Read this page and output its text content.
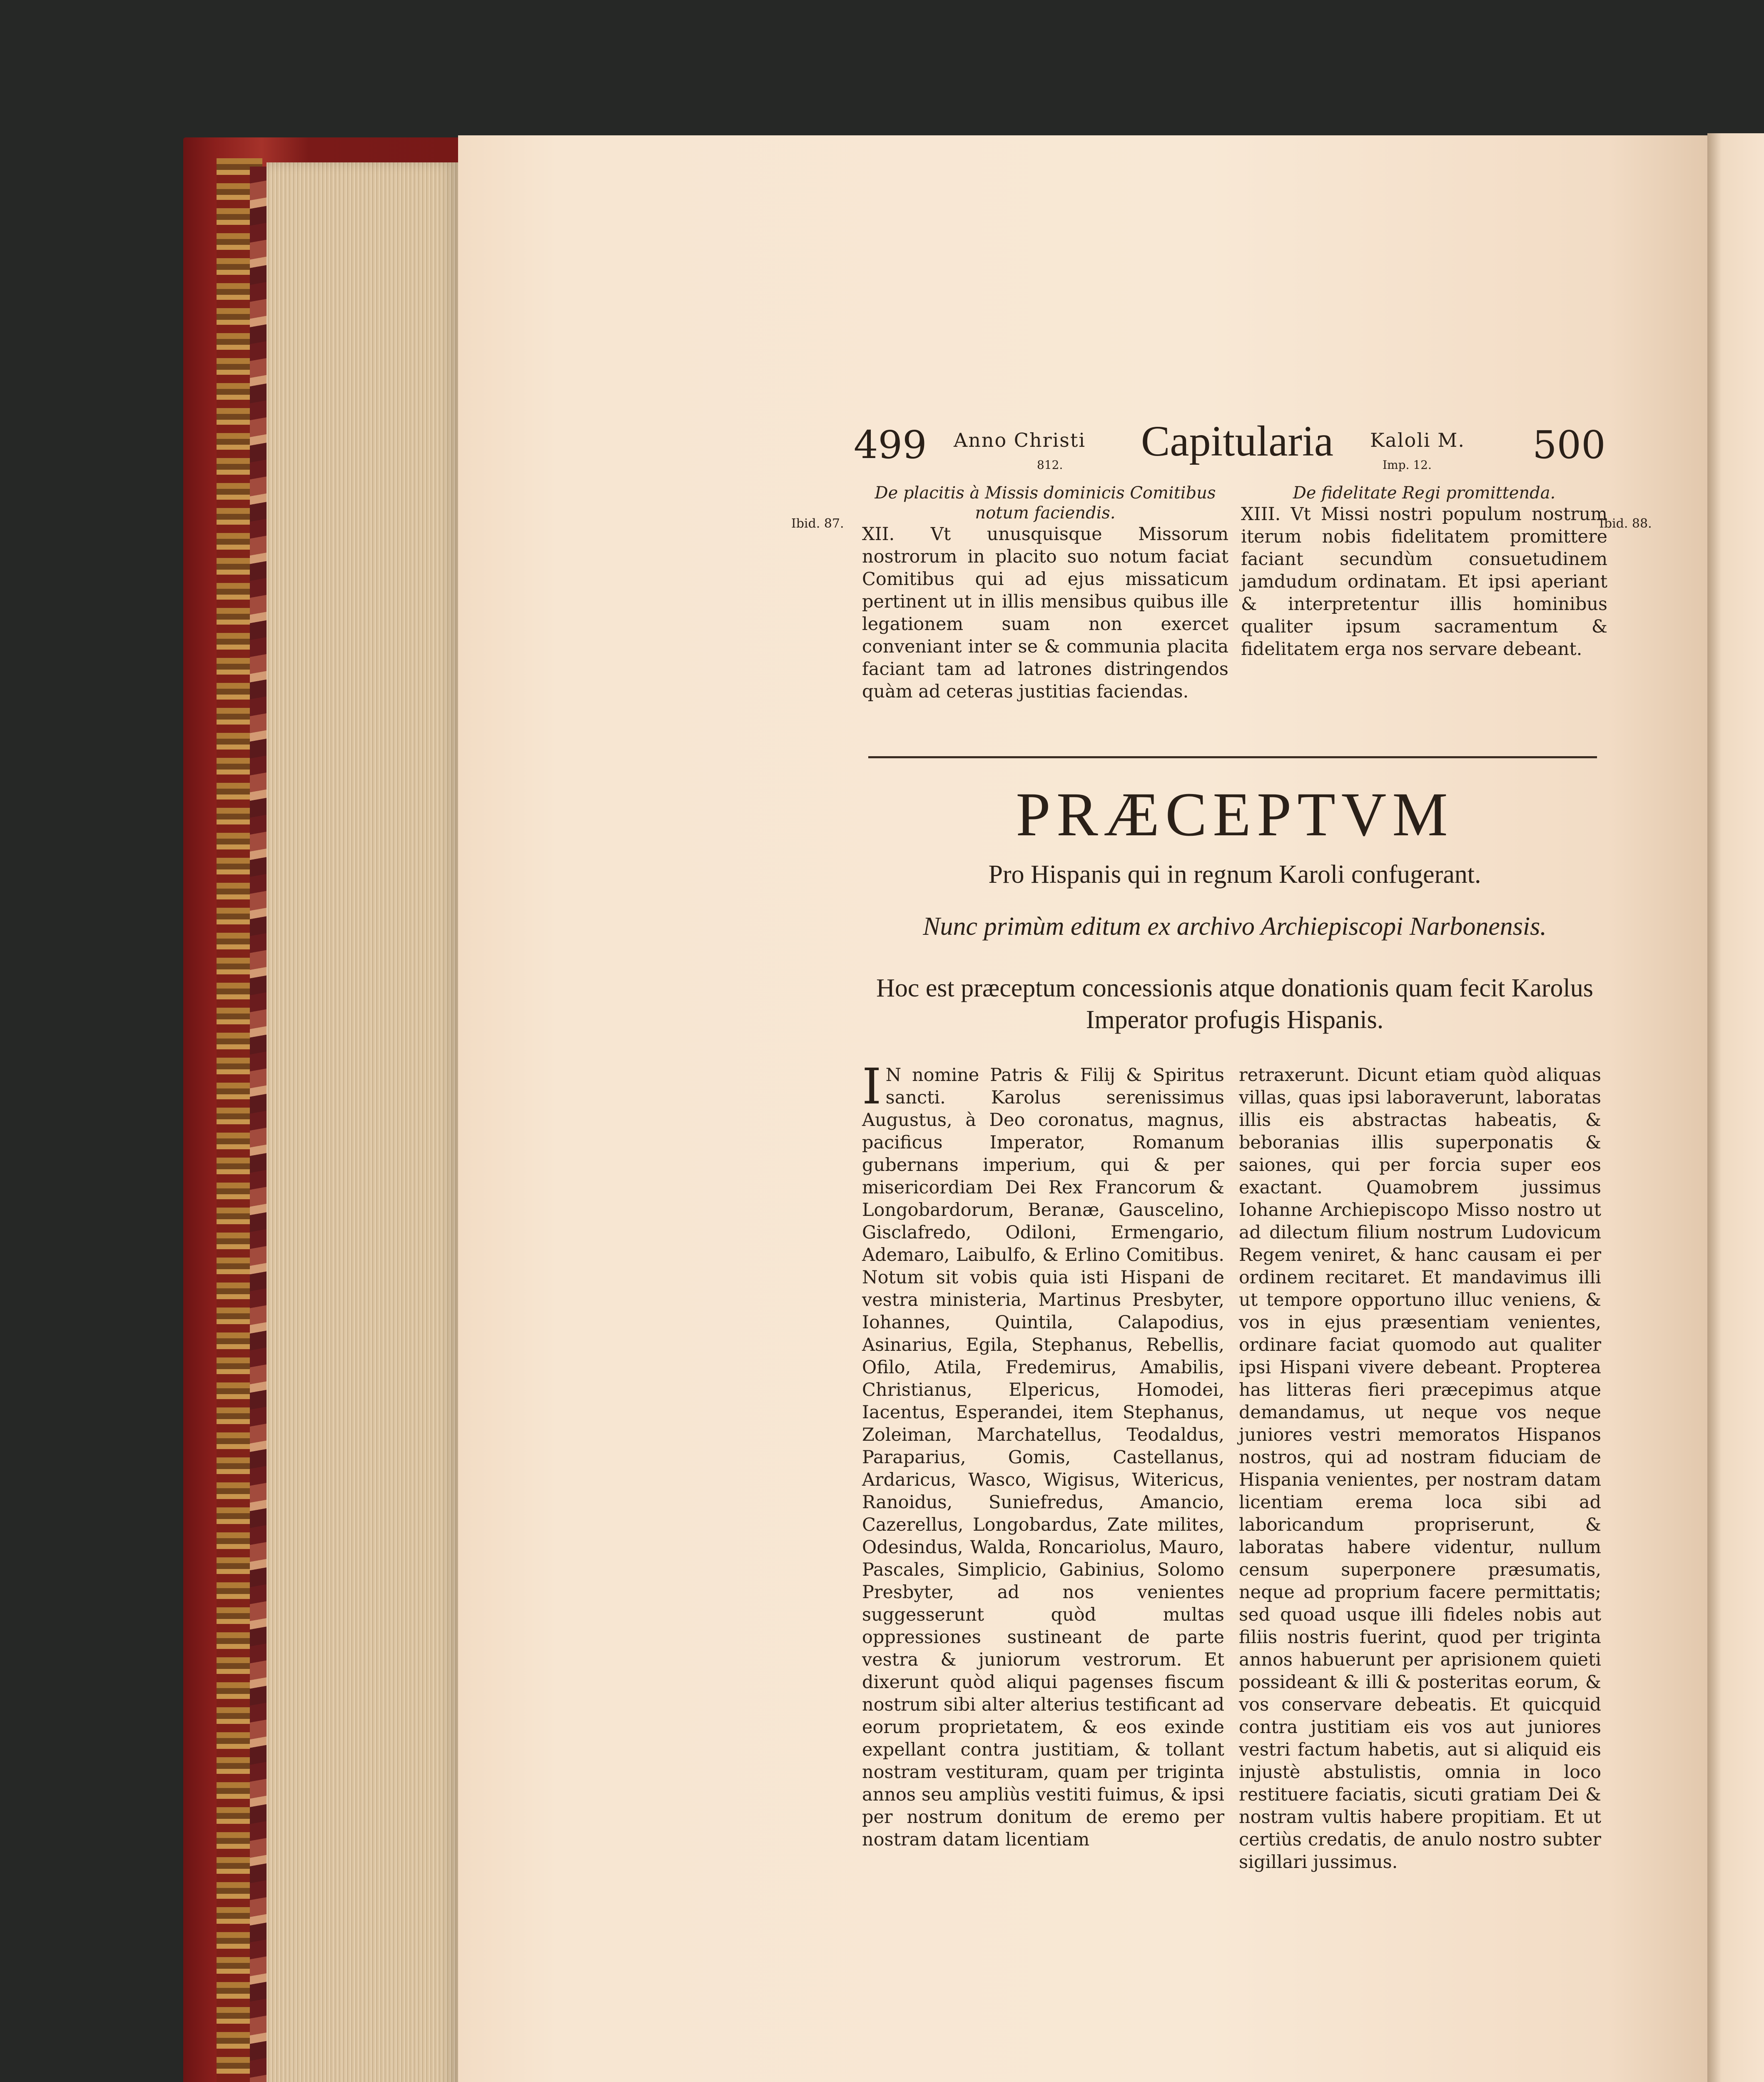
499 Anno Christi
812. Capitularia Kaloli M.
Imp. 12.	500
Ibid. 87.	Ibid. 88.
De placitis à Missis dominicis Comitibus
notum faciendis.
XII. Vt unusquisque Missorum nostrorum in placito suo notum faciat Comitibus qui ad ejus missaticum pertinent ut in illis mensibus quibus ille legationem suam non exercet conveniant inter se & communia placita faciant tam ad latrones distringendos quàm ad ceteras justitias faciendas.
De fidelitate Regi promittenda.
XIII. Vt Missi nostri populum nostrum iterum nobis fidelitatem promittere faciant secundùm consuetudinem jamdudum ordinatam. Et ipsi aperiant & interpretentur illis hominibus qualiter ipsum sacramentum & fidelitatem erga nos servare debeant.
PRÆCEPTVM
Pro Hispanis qui in regnum Karoli confugerant.
Nunc primùm editum ex archivo Archiepiscopi Narbonensis.
Hoc est præceptum concessionis atque donationis quam fecit Karolus Imperator profugis Hispanis.
I N nomine Patris & Filij & Spiritus sancti. Karolus serenissimus Augustus, à Deo coronatus, magnus, pacificus Imperator, Romanum gubernans imperium, qui & per misericordiam Dei Rex Francorum & Longobardorum, Beranæ, Gauscelino, Gisclafredo, Odiloni, Ermengario, Ademaro, Laibulfo, & Erlino Comitibus. Notum sit vobis quia isti Hispani de vestra ministeria, Martinus Presbyter, Iohannes, Quintila, Calapodius, Asinarius, Egila, Stephanus, Rebellis, Ofilo, Atila, Fredemirus, Amabilis, Christianus, Elpericus, Homodei, Iacentus, Esperandei, item Stephanus, Zoleiman, Marchatellus, Teodaldus, Paraparius, Gomis, Castellanus, Ardaricus, Wasco, Wigisus, Witericus, Ranoidus, Suniefredus, Amancio, Cazerellus, Longobardus, Zate milites, Odesindus, Walda, Roncariolus, Mauro, Pascales, Simplicio, Gabinius, Solomo Presbyter, ad nos venientes suggesserunt quòd multas oppressiones sustineant de parte vestra & juniorum vestrorum. Et dixerunt quòd aliqui pagenses fiscum nostrum sibi alter alterius testificant ad eorum proprietatem, & eos exinde expellant contra justitiam, & tollant nostram vestituram, quam per triginta annos seu ampliùs vestiti fuimus, & ipsi per nostrum donitum de eremo per nostram datam licentiam
retraxerunt. Dicunt etiam quòd aliquas villas, quas ipsi laboraverunt, laboratas illis eis abstractas habeatis, & beboranias illis superponatis & saiones, qui per forcia super eos exactant. Quamobrem jussimus Iohanne Archiepiscopo Misso nostro ut ad dilectum filium nostrum Ludovicum Regem veniret, & hanc causam ei per ordinem recitaret. Et mandavimus illi ut tempore opportuno illuc veniens, & vos in ejus præsentiam venientes, ordinare faciat quomodo aut qualiter ipsi Hispani vivere debeant. Propterea has litteras fieri præcepimus atque demandamus, ut neque vos neque juniores vestri memoratos Hispanos nostros, qui ad nostram fiduciam de Hispania venientes, per nostram datam licentiam erema loca sibi ad laboricandum propriserunt, & laboratas habere videntur, nullum censum superponere præsumatis, neque ad proprium facere permittatis; sed quoad usque illi fideles nobis aut filiis nostris fuerint, quod per triginta annos habuerunt per aprisionem quieti possideant & illi & posteritas eorum, & vos conservare debeatis. Et quicquid contra justitiam eis vos aut juniores vestri factum habetis, aut si aliquid eis injustè abstulistis, omnia in loco restituere faciatis, sicuti gratiam Dei & nostram vultis habere propitiam. Et ut certiùs credatis, de anulo nostro subter sigillari jussimus.
